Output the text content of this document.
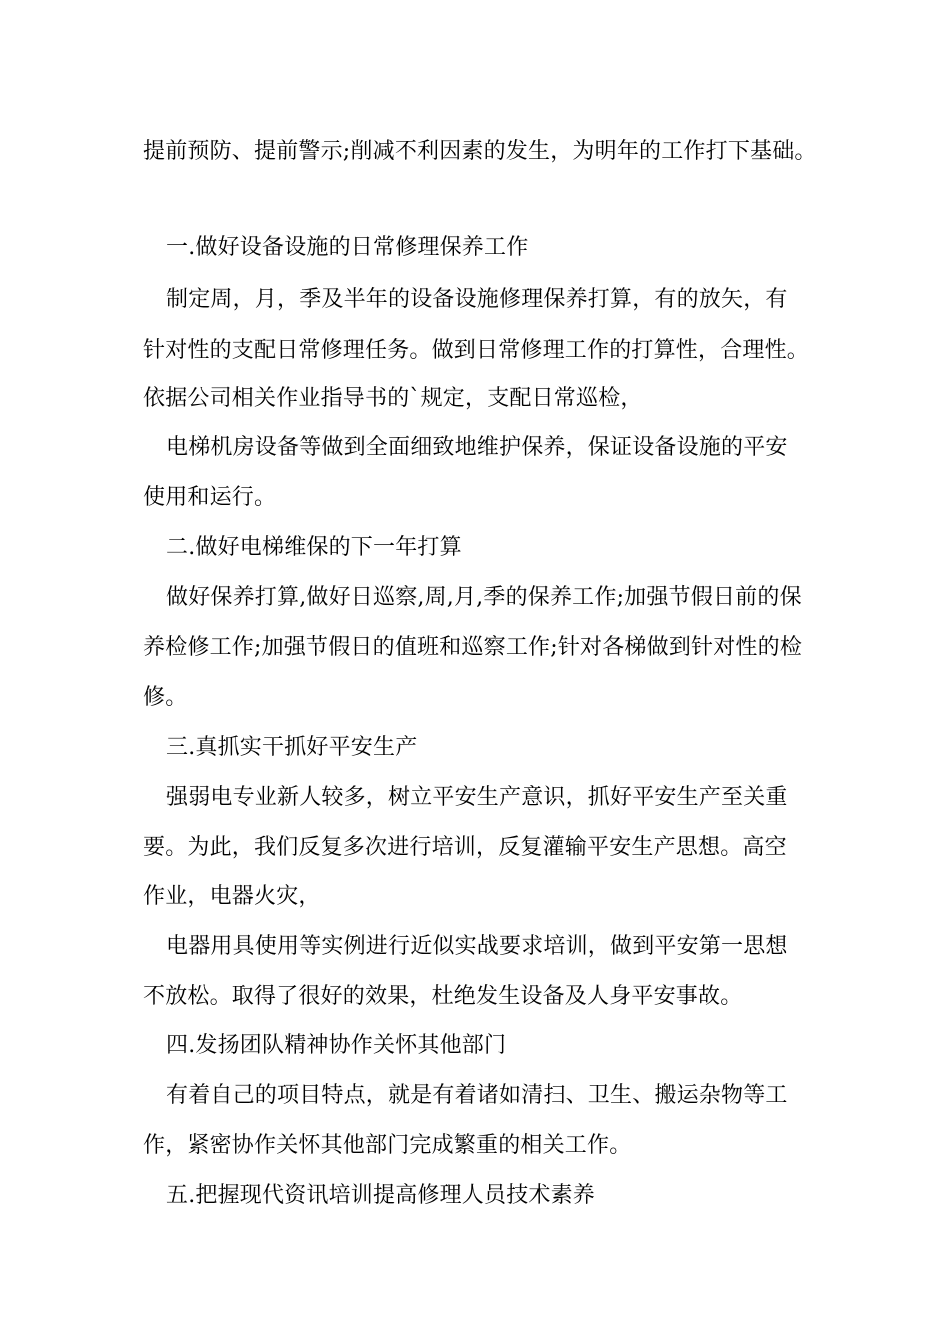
提前预防、提前警示;削减不利因素的发生，为明年的工作打下基础。
一.做好设备设施的日常修理保养工作
制定周，月，季及半年的设备设施修理保养打算，有的放矢，有
针对性的支配日常修理任务。做到日常修理工作的打算性，合理性。
依据公司相关作业指导书的`规定，支配日常巡检，
电梯机房设备等做到全面细致地维护保养，保证设备设施的平安
使用和运行。
二.做好电梯维保的下一年打算
做好保养打算,做好日巡察,周,月,季的保养工作;加强节假日前的保
养检修工作;加强节假日的值班和巡察工作;针对各梯做到针对性的检
修。
三.真抓实干抓好平安生产
强弱电专业新人较多，树立平安生产意识，抓好平安生产至关重
要。为此，我们反复多次进行培训，反复灌输平安生产思想。高空
作业，电器火灾，
电器用具使用等实例进行近似实战要求培训，做到平安第一思想
不放松。取得了很好的效果，杜绝发生设备及人身平安事故。
四.发扬团队精神协作关怀其他部门
有着自己的项目特点，就是有着诸如清扫、卫生、搬运杂物等工
作，紧密协作关怀其他部门完成繁重的相关工作。
五.把握现代资讯培训提高修理人员技术素养
